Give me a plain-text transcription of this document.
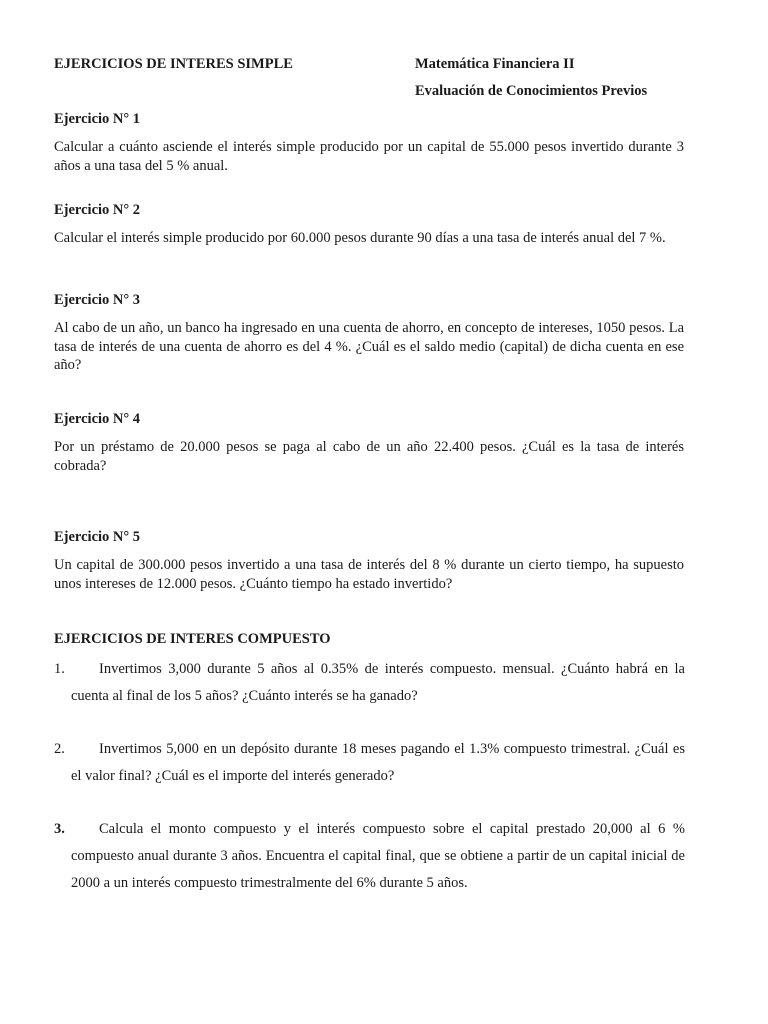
EJERCICIOS DE INTERES SIMPLE	Matemática Financiera II
Evaluación de Conocimientos Previos
Ejercicio N° 1

Calcular a cuánto asciende el interés simple producido por un capital de 55.000 pesos invertido durante 3 años a una tasa del 5 % anual.

Ejercicio N° 2

Calcular el interés simple producido por 60.000 pesos durante 90 días a una tasa de interés anual del 7 %.

Ejercicio N° 3

Al cabo de un año, un banco ha ingresado en una cuenta de ahorro, en concepto de intereses, 1050 pesos. La tasa de interés de una cuenta de ahorro es del 4 %. ¿Cuál es el saldo medio (capital) de dicha cuenta en ese año?

Ejercicio N° 4

Por un préstamo de 20.000 pesos se paga al cabo de un año 22.400 pesos. ¿Cuál es la tasa de interés cobrada?

Ejercicio N° 5

Un capital de 300.000 pesos invertido a una tasa de interés del 8 % durante un cierto tiempo, ha supuesto unos intereses de 12.000 pesos. ¿Cuánto tiempo ha estado invertido?

EJERCICIOS DE INTERES COMPUESTO
1.	Invertimos 3,000 durante 5 años al 0.35% de interés compuesto. mensual. ¿Cuánto habrá en la cuenta al final de los 5 años? ¿Cuánto interés se ha ganado?

2.	Invertimos 5,000 en un depósito durante 18 meses pagando el 1.3% compuesto trimestral. ¿Cuál es el valor final? ¿Cuál es el importe del interés generado?

3.	Calcula el monto compuesto y el interés compuesto sobre el capital prestado 20,000 al 6 % compuesto anual durante 3 años. Encuentra el capital final, que se obtiene a partir de un capital inicial de 2000 a un interés compuesto trimestralmente del 6% durante 5 años.
